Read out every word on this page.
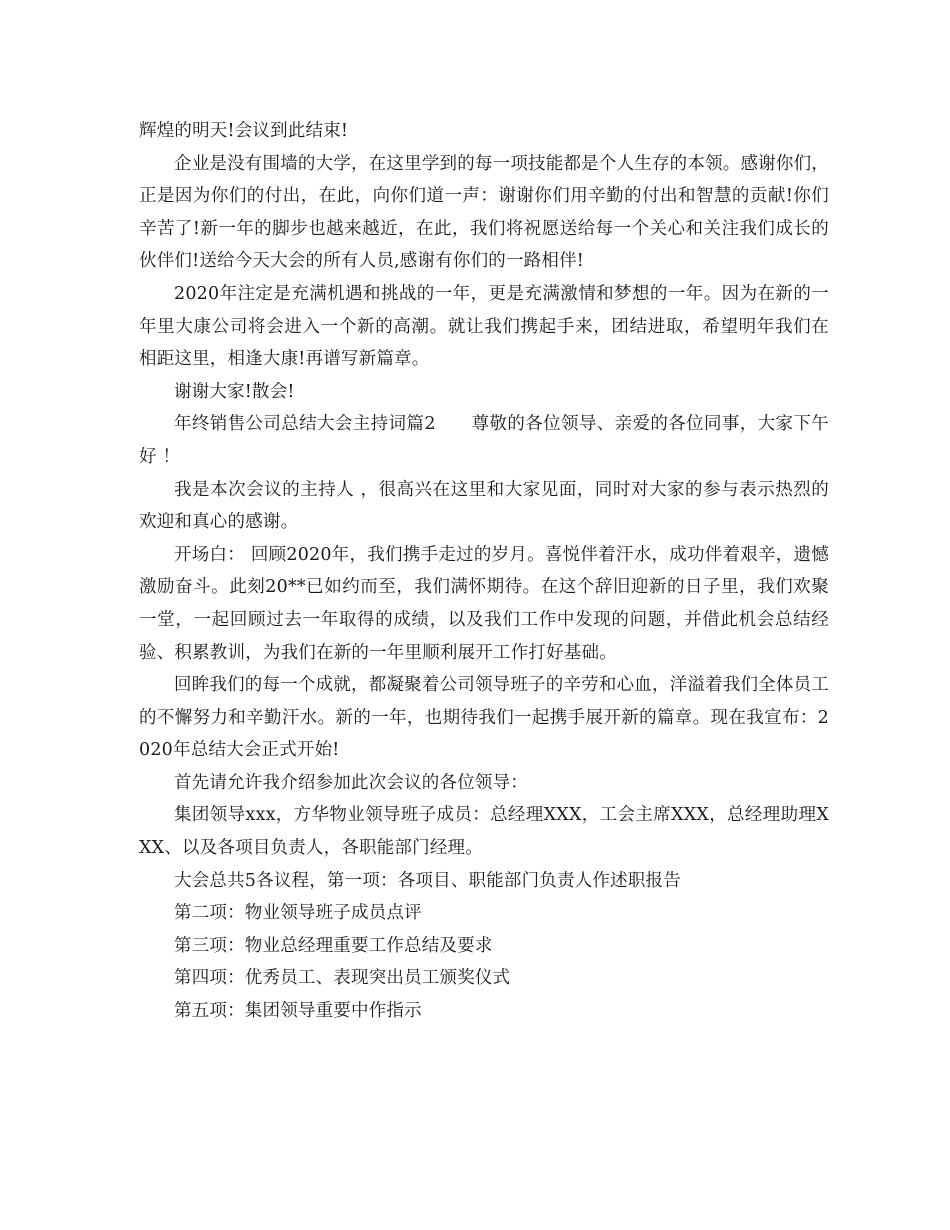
辉煌的明天!会议到此结束!

企业是没有围墙的大学，在这里学到的每一项技能都是个人生存的本领。感谢你们，正是因为你们的付出，在此，向你们道一声：谢谢你们用辛勤的付出和智慧的贡献!你们辛苦了!新一年的脚步也越来越近，在此，我们将祝愿送给每一个关心和关注我们成长的伙伴们!送给今天大会的所有人员,感谢有你们的一路相伴!

2020年注定是充满机遇和挑战的一年，更是充满激情和梦想的一年。因为在新的一年里大康公司将会进入一个新的高潮。就让我们携起手来，团结进取，希望明年我们在相距这里，相逢大康!再谱写新篇章。

谢谢大家!散会!

年终销售公司总结大会主持词篇2　　尊敬的各位领导、亲爱的各位同事，大家下午好 ！

我是本次会议的主持人 ，很高兴在这里和大家见面，同时对大家的参与表示热烈的欢迎和真心的感谢。

开场白： 回顾2020年，我们携手走过的岁月。喜悦伴着汗水，成功伴着艰辛，遗憾激励奋斗。此刻20**已如约而至，我们满怀期待。在这个辞旧迎新的日子里，我们欢聚一堂，一起回顾过去一年取得的成绩，以及我们工作中发现的问题，并借此机会总结经验、积累教训，为我们在新的一年里顺利展开工作打好基础。

回眸我们的每一个成就，都凝聚着公司领导班子的辛劳和心血，洋溢着我们全体员工的不懈努力和辛勤汗水。新的一年，也期待我们一起携手展开新的篇章。现在我宣布：2020年总结大会正式开始!

首先请允许我介绍参加此次会议的各位领导：

集团领导xxx，方华物业领导班子成员：总经理XXX，工会主席XXX，总经理助理XXX、以及各项目负责人，各职能部门经理。

大会总共5各议程，第一项：各项目、职能部门负责人作述职报告

第二项：物业领导班子成员点评

第三项：物业总经理重要工作总结及要求

第四项：优秀员工、表现突出员工颁奖仪式

第五项：集团领导重要中作指示
